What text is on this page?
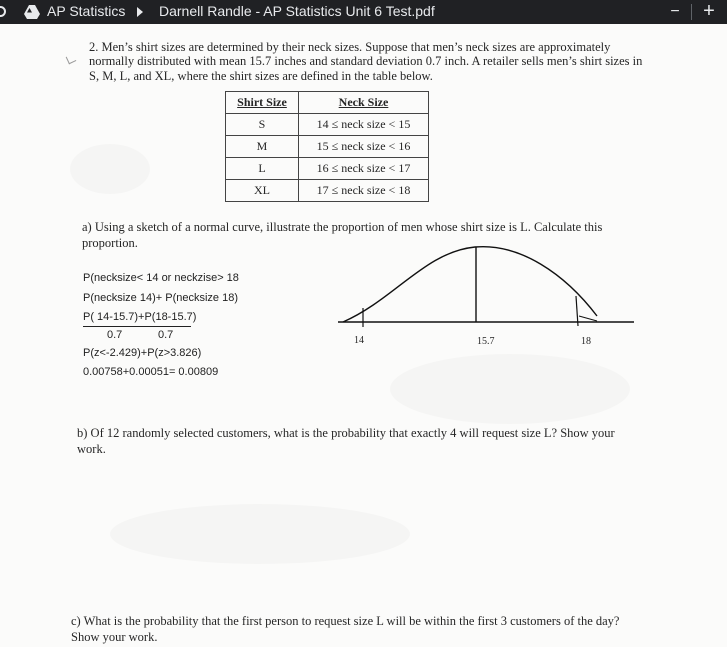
AP Statistics Darnell Randle - AP Statistics Unit 6 Test.pdf	−	+
2. Men’s shirt sizes are determined by their neck sizes. Suppose that men’s neck sizes are approximately
normally distributed with mean 15.7 inches and standard deviation 0.7 inch. A retailer sells men’s shirt sizes in
S, M, L, and XL, where the shirt sizes are defined in the table below.
Shirt Size	Neck Size
S	14 ≤ neck size < 15
M	15 ≤ neck size < 16
L	16 ≤ neck size < 17
XL	17 ≤ neck size < 18
a) Using a sketch of a normal curve, illustrate the proportion of men whose shirt size is L. Calculate this
proportion.
P(necksize< 14 or neckzise> 18
P(necksize 14)+ P(necksize 18)
P( 14-15.7)+P(18-15.7)
0.7	0.7
P(z<-2.429)+P(z>3.826)
0.00758+0.00051= 0.00809
14	15.7	18
b) Of 12 randomly selected customers, what is the probability that exactly 4 will request size L? Show your
work.
c) What is the probability that the first person to request size L will be within the first 3 customers of the day?
Show your work.
